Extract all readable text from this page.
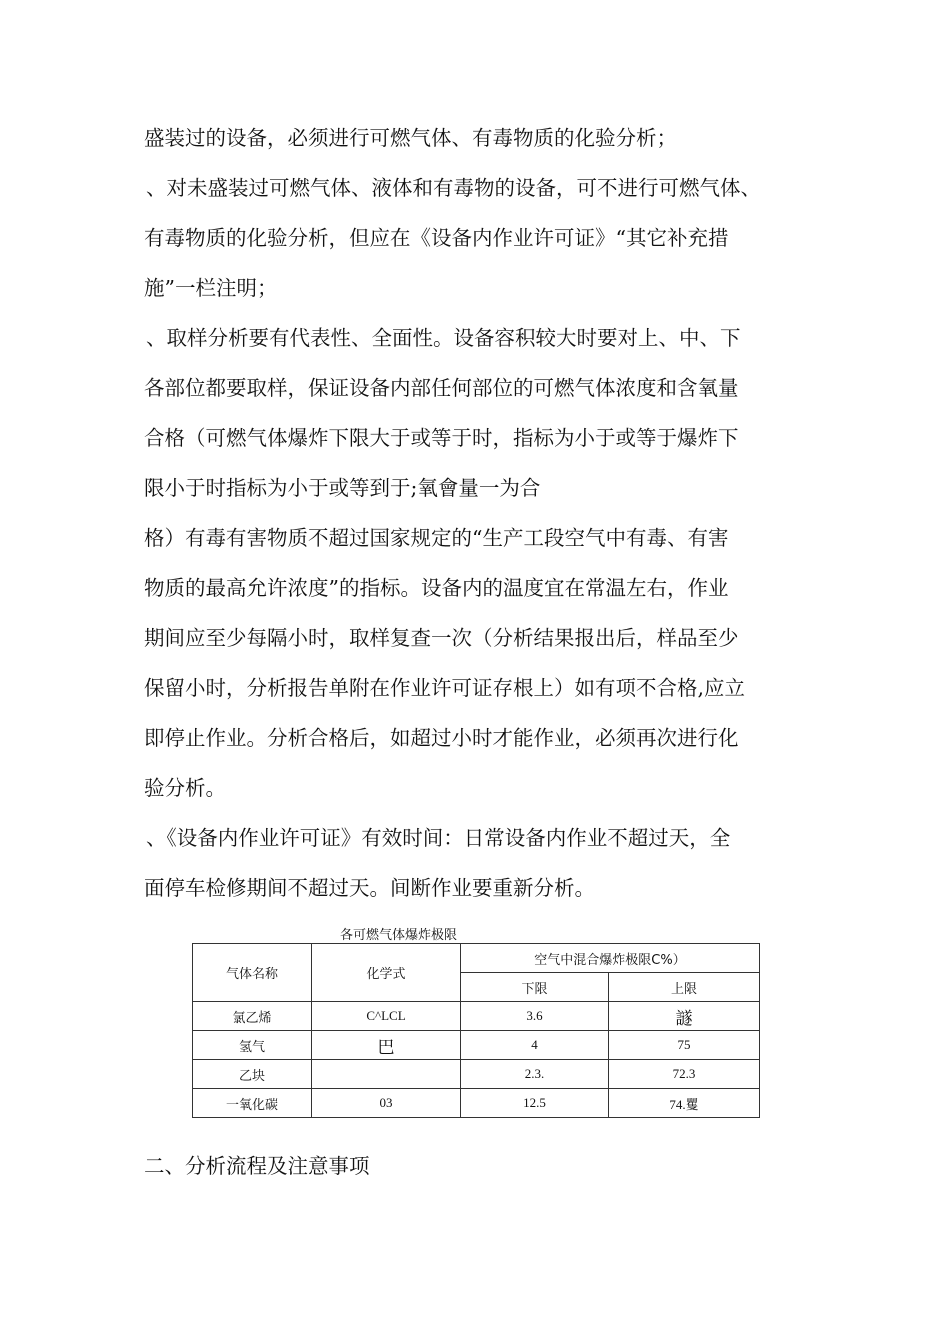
盛装过的设备，必须进行可燃气体、有毒物质的化验分析；
、对未盛装过可燃气体、液体和有毒物的设备，可不进行可燃气体、
有毒物质的化验分析，但应在《设备内作业许可证》“其它补充措
施”一栏注明；
、取样分析要有代表性、全面性。设备容积较大时要对上、中、下
各部位都要取样，保证设备内部任何部位的可燃气体浓度和含氧量
合格（可燃气体爆炸下限大于或等于时，指标为小于或等于爆炸下
限小于时指标为小于或等到于;氧會量一为合
格）有毒有害物质不超过国家规定的“生产工段空气中有毒、有害
物质的最高允许浓度”的指标。设备内的温度宜在常温左右，作业
期间应至少每隔小时，取样复查一次（分析结果报出后，样品至少
保留小时，分析报告单附在作业许可证存根上）如有项不合格,应立
即停止作业。分析合格后，如超过小时才能作业，必须再次进行化
验分析。
、《设备内作业许可证》有效时间：日常设备内作业不超过天，全
面停车检修期间不超过天。间断作业要重新分析。
各可燃气体爆炸极限
气体名称	化学式	空气中混合爆炸极限C%）	
		下限	上限
氯乙烯	C^LCL	3.6	譢
氢气	巴	4	75
乙块		2.3.	72.3
一氧化碳	03	12.5	74.矍
二、分析流程及注意事项
